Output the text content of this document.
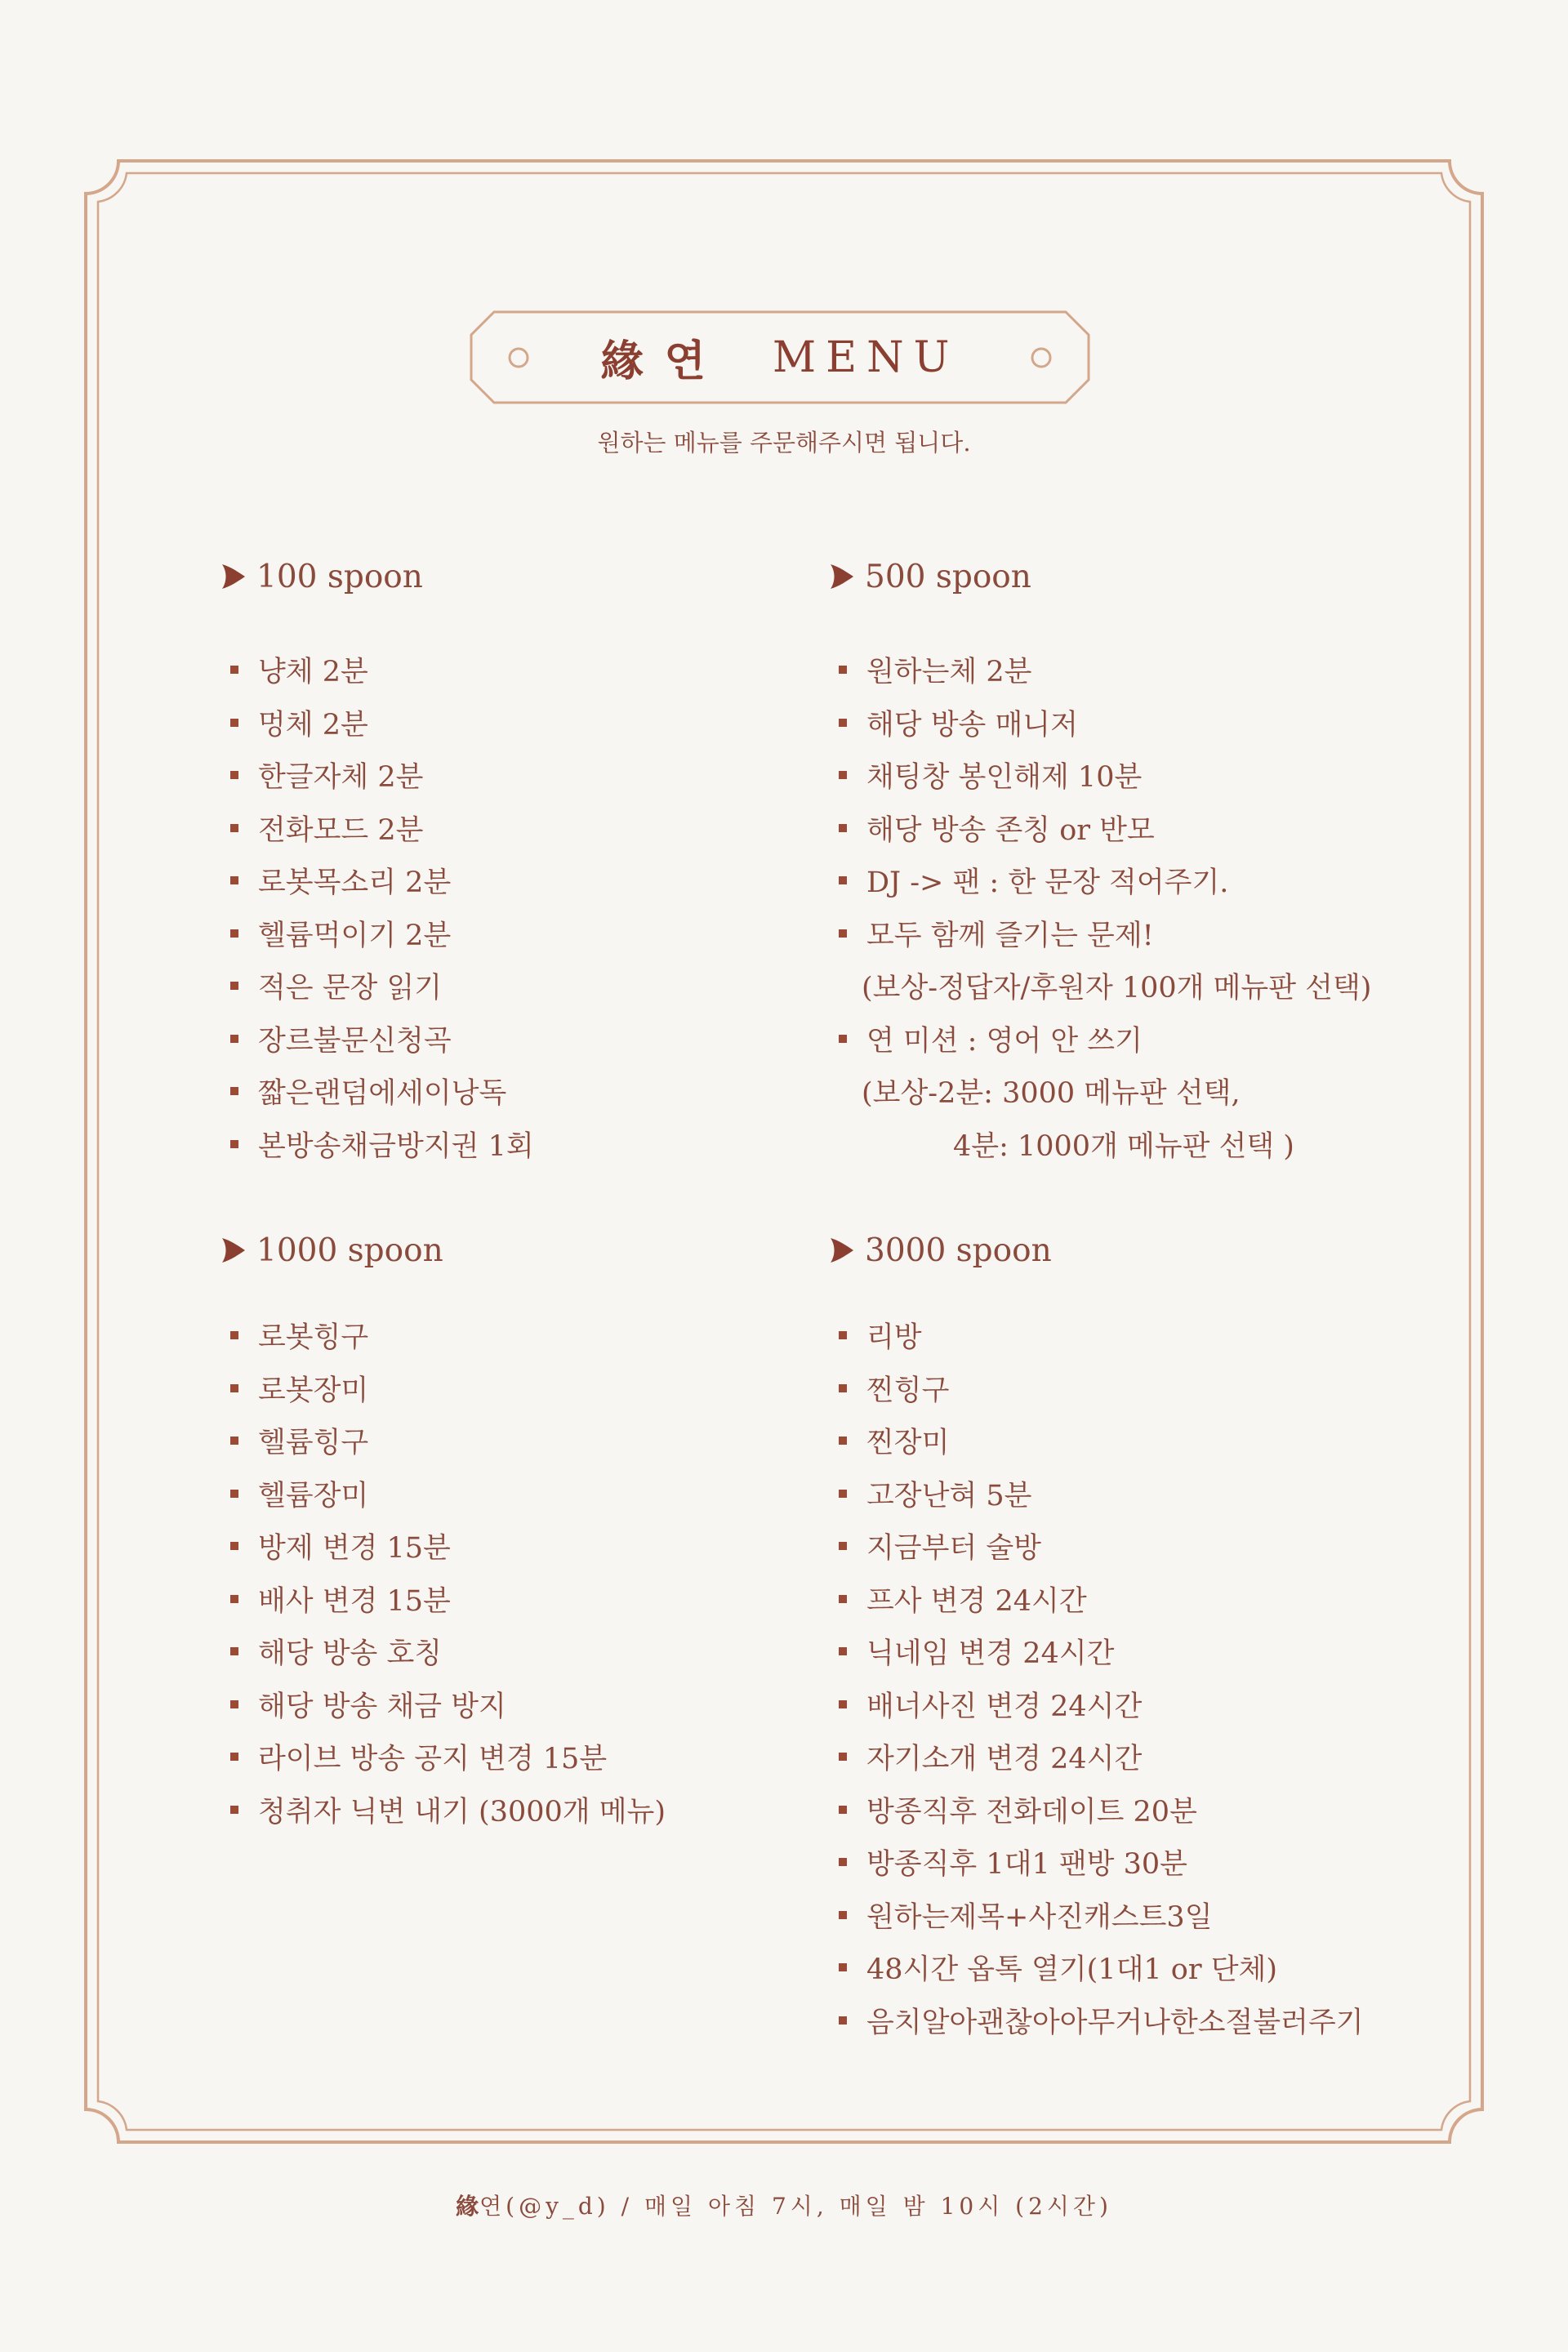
緣 연 MENU
원하는 메뉴를 주문해주시면 됩니다.
100 spoon
냥체 2분
멍체 2분
한글자체 2분
전화모드 2분
로봇목소리 2분
헬륨먹이기 2분
적은 문장 읽기
장르불문신청곡
짧은랜덤에세이낭독
본방송채금방지권 1회
500 spoon
원하는체 2분
해당 방송 매니저
채팅창 봉인해제 10분
해당 방송 존칭 or 반모
DJ -> 팬 : 한 문장 적어주기.
모두 함께 즐기는 문제!
(보상-정답자/후원자 100개 메뉴판 선택)
연 미션 : 영어 안 쓰기
(보상-2분: 3000 메뉴판 선택,
4분: 1000개 메뉴판 선택 )
1000 spoon
로봇힝구
로봇장미
헬륨힝구
헬륨장미
방제 변경 15분
배사 변경 15분
해당 방송 호칭
해당 방송 채금 방지
라이브 방송 공지 변경 15분
청취자 닉변 내기 (3000개 메뉴)
3000 spoon
리방
찐힝구
찐장미
고장난혀 5분
지금부터 술방
프사 변경 24시간
닉네임 변경 24시간
배너사진 변경 24시간
자기소개 변경 24시간
방종직후 전화데이트 20분
방종직후 1대1 팬방 30분
원하는제목+사진캐스트3일
48시간 옵톡 열기(1대1 or 단체)
음치알아괜찮아아무거나한소절불러주기
緣연(@y_d) / 매일 아침 7시, 매일 밤 10시 (2시간)
